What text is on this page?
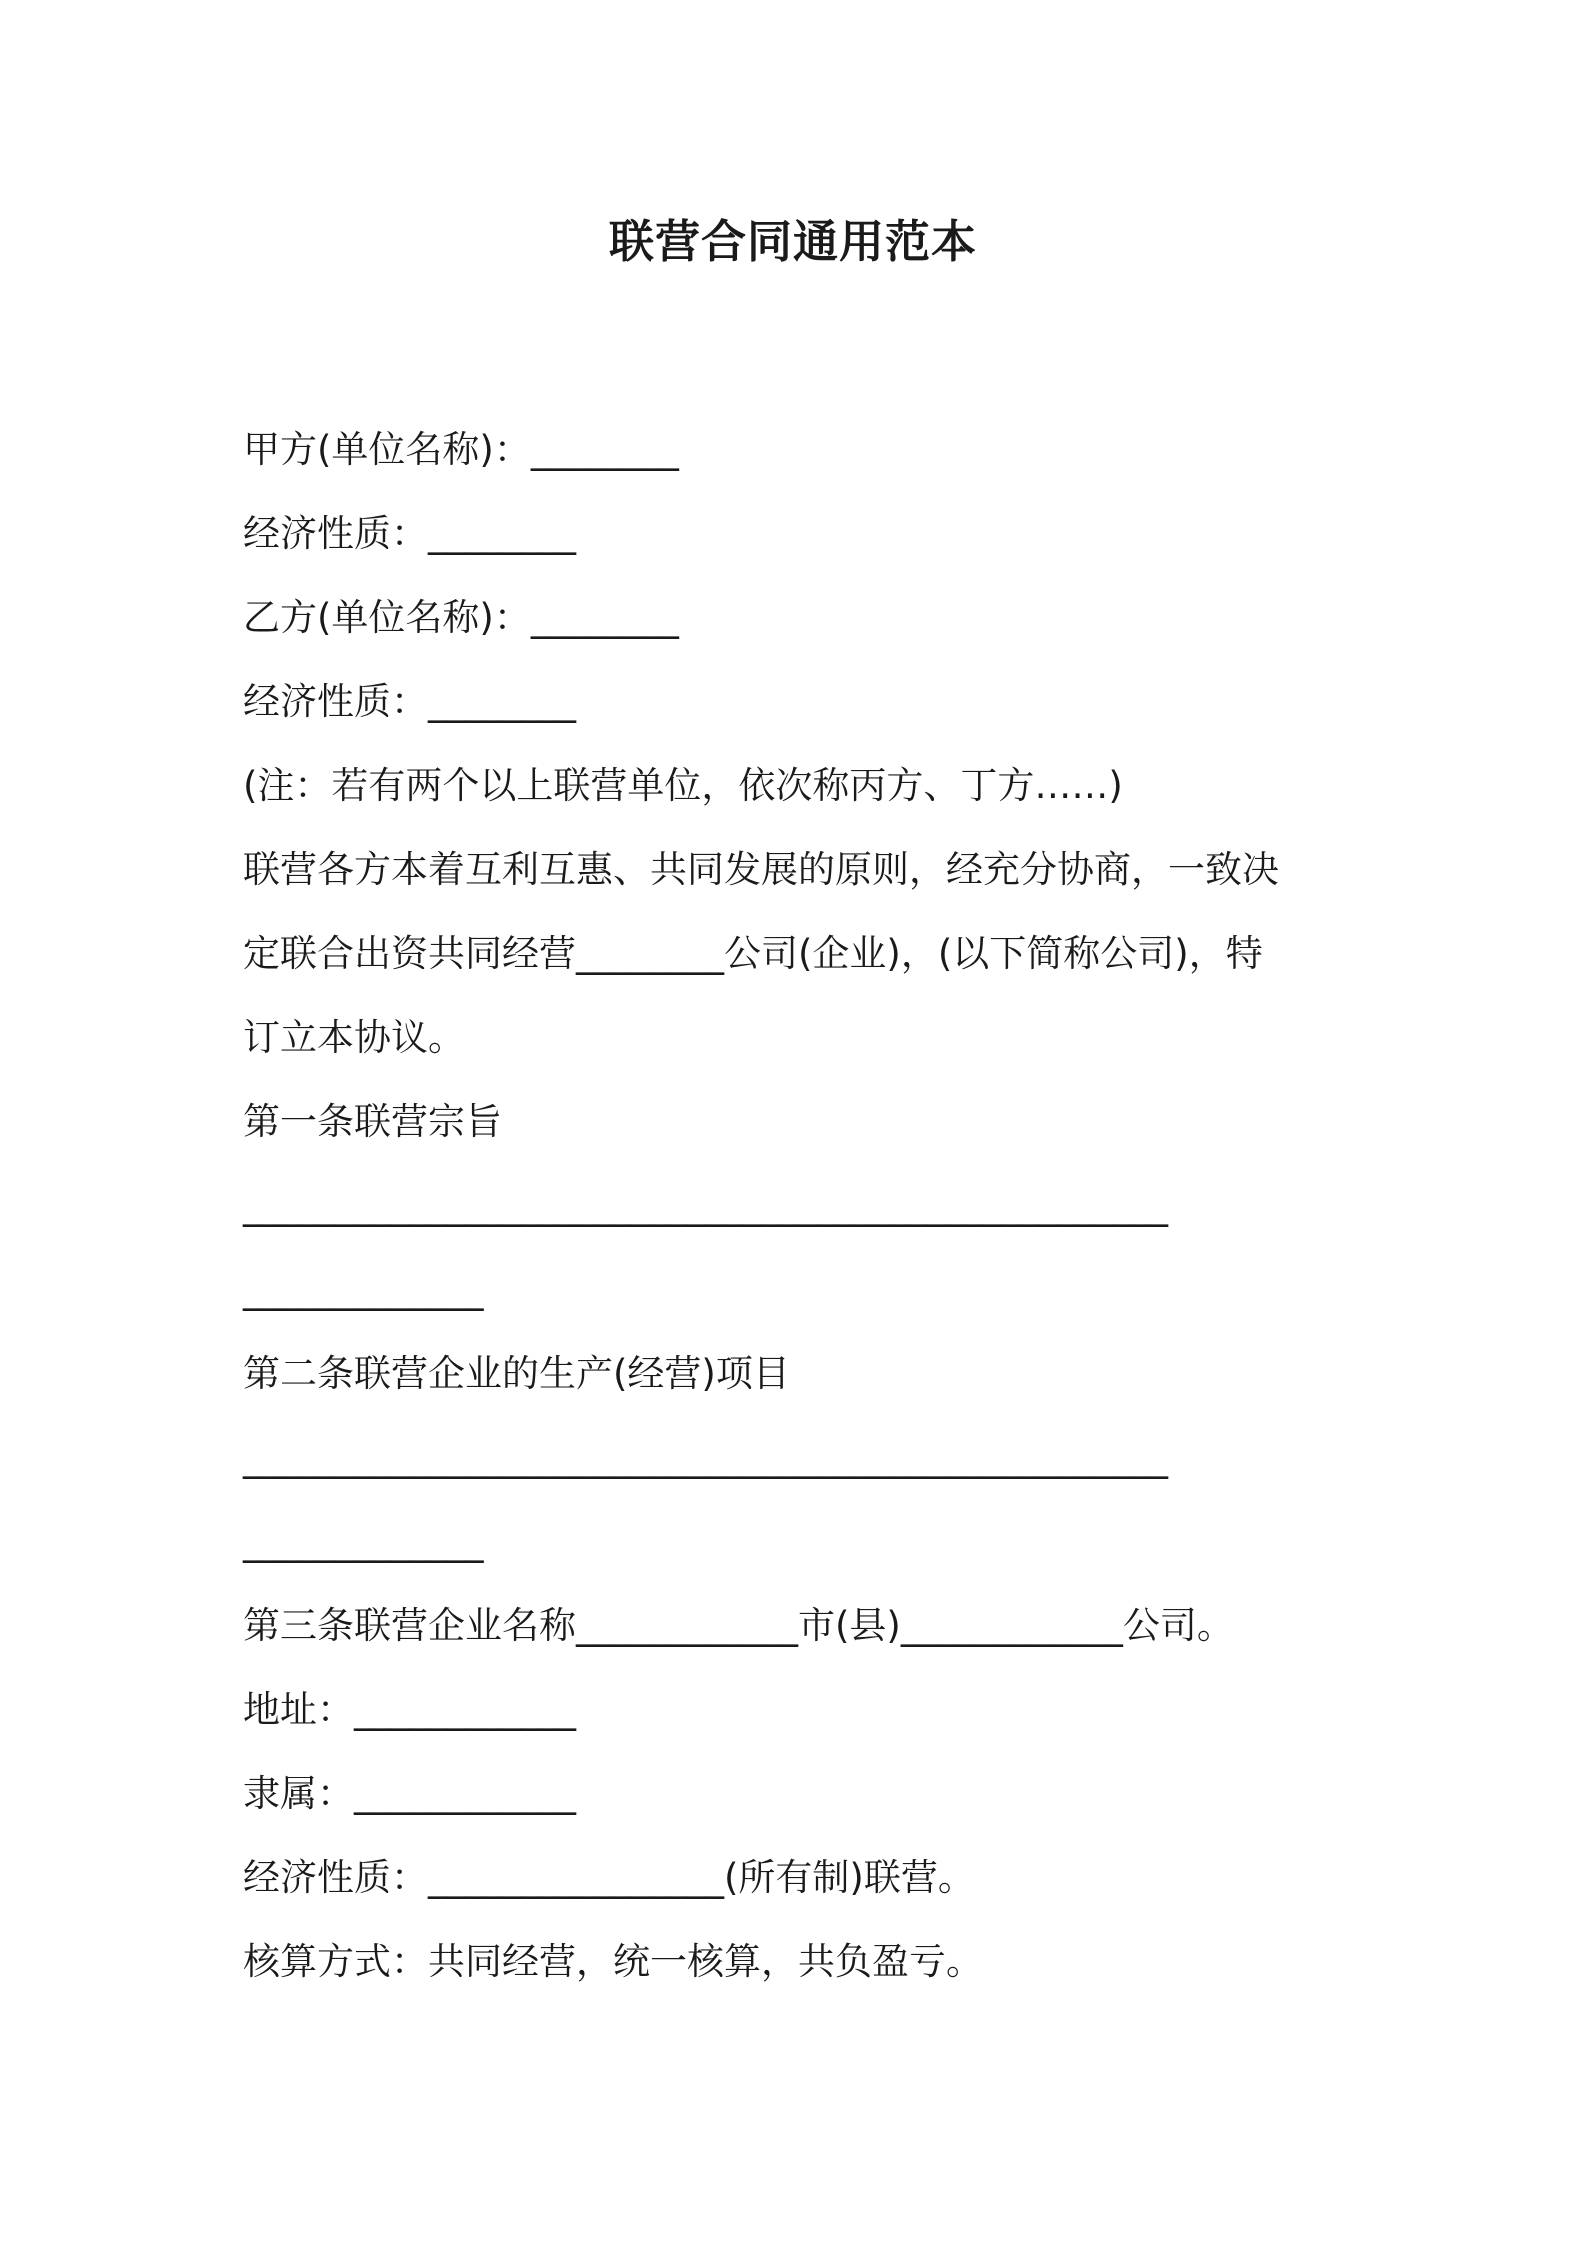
联营合同通用范本

甲方(单位名称)：________

经济性质：________

乙方(单位名称)：________

经济性质：________

(注：若有两个以上联营单位，依次称丙方、丁方……)

联营各方本着互利互惠、共同发展的原则，经充分协商，一致决

定联合出资共同经营________公司(企业)，(以下简称公司)，特

订立本协议。

第一条联营宗旨

__________________________________________________

_____________

第二条联营企业的生产(经营)项目

__________________________________________________

_____________

第三条联营企业名称____________市(县)____________公司。

地址：____________

隶属：____________

经济性质：________________(所有制)联营。

核算方式：共同经营，统一核算，共负盈亏。
